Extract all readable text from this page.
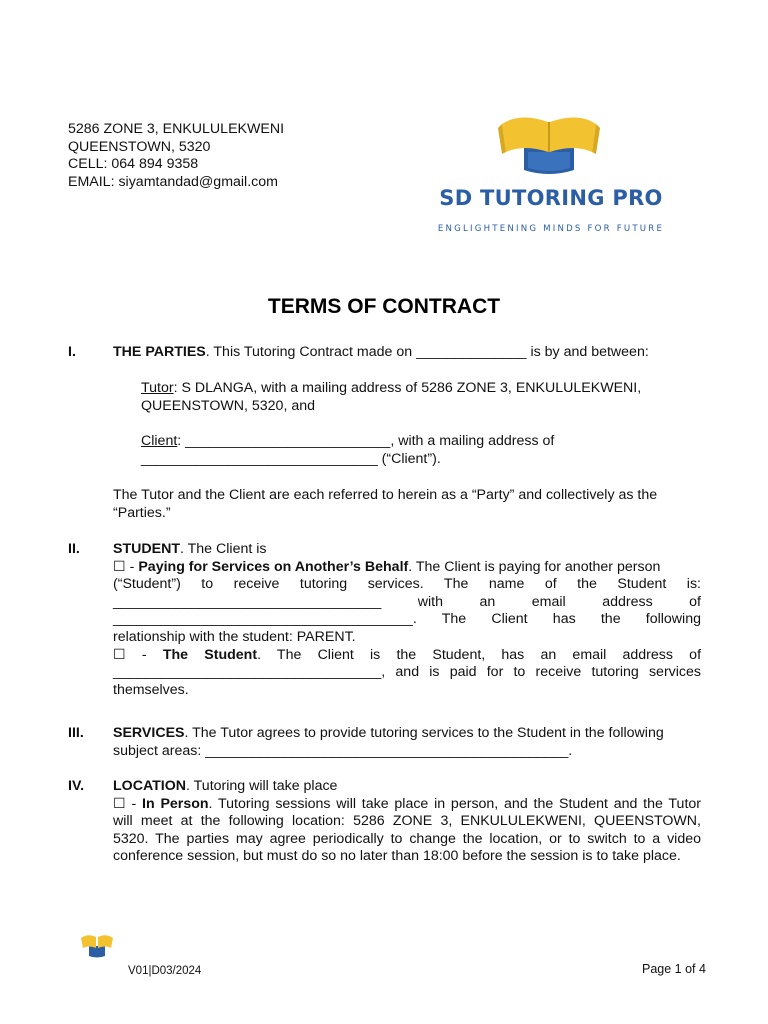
5286 ZONE 3, ENKULULEKWENI
QUEENSTOWN, 5320
CELL: 064 894 9358
EMAIL: siyamtandad@gmail.com
SD TUTORING PRO
ENGLIGHTENING MINDS FOR FUTURE
TERMS OF CONTRACT
I.	THE PARTIES. This Tutoring Contract made on ______________ is by and between:
Tutor: S DLANGA, with a mailing address of 5286 ZONE 3, ENKULULEKWENI,
QUEENSTOWN, 5320, and
Client: __________________________, with a mailing address of
______________________________ (“Client”).
The Tutor and the Client are each referred to herein as a “Party” and collectively as the
“Parties.”
II. STUDENT. The Client is
☐ - Paying for Services on Another’s Behalf. The Client is paying for another person
(“Student”) to receive tutoring services. The name of the Student is:
__________________________________ with an email address of
______________________________________. The Client has the following
relationship with the student: PARENT.
☐ - The Student. The Client is the Student, has an email address of
__________________________________, and is paid for to receive tutoring services
themselves.
III. SERVICES. The Tutor agrees to provide tutoring services to the Student in the following
subject areas: ______________________________________________.
IV. LOCATION. Tutoring will take place
☐ - In Person. Tutoring sessions will take place in person, and the Student and the Tutor
will meet at the following location: 5286 ZONE 3, ENKULULEKWENI, QUEENSTOWN,
5320. The parties may agree periodically to change the location, or to switch to a video
conference session, but must do so no later than 18:00 before the session is to take place.
V01|D03/2024	Page 1 of 4
